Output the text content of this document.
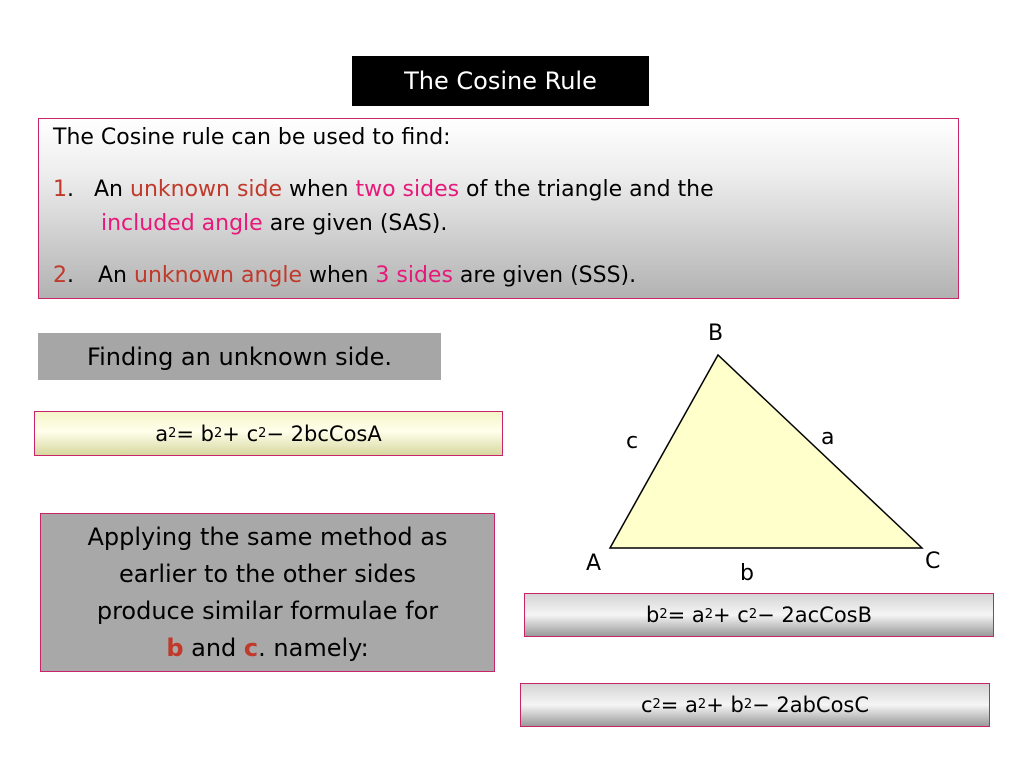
The Cosine Rule
The Cosine rule can be used to find:
1. An unknown side when two sides of the triangle and the
included angle are given (SAS).
2. An unknown angle when 3 sides are given (SSS).
Finding an unknown side.
a 2 = b 2 + c 2 − 2bcCosA
Applying the same method as
earlier to the other sides
produce similar formulae for
b and c. namely:
B
A	C
c	a
b
b 2 = a 2 + c 2 − 2acCosB
c 2 = a 2 + b 2 − 2abCosC
